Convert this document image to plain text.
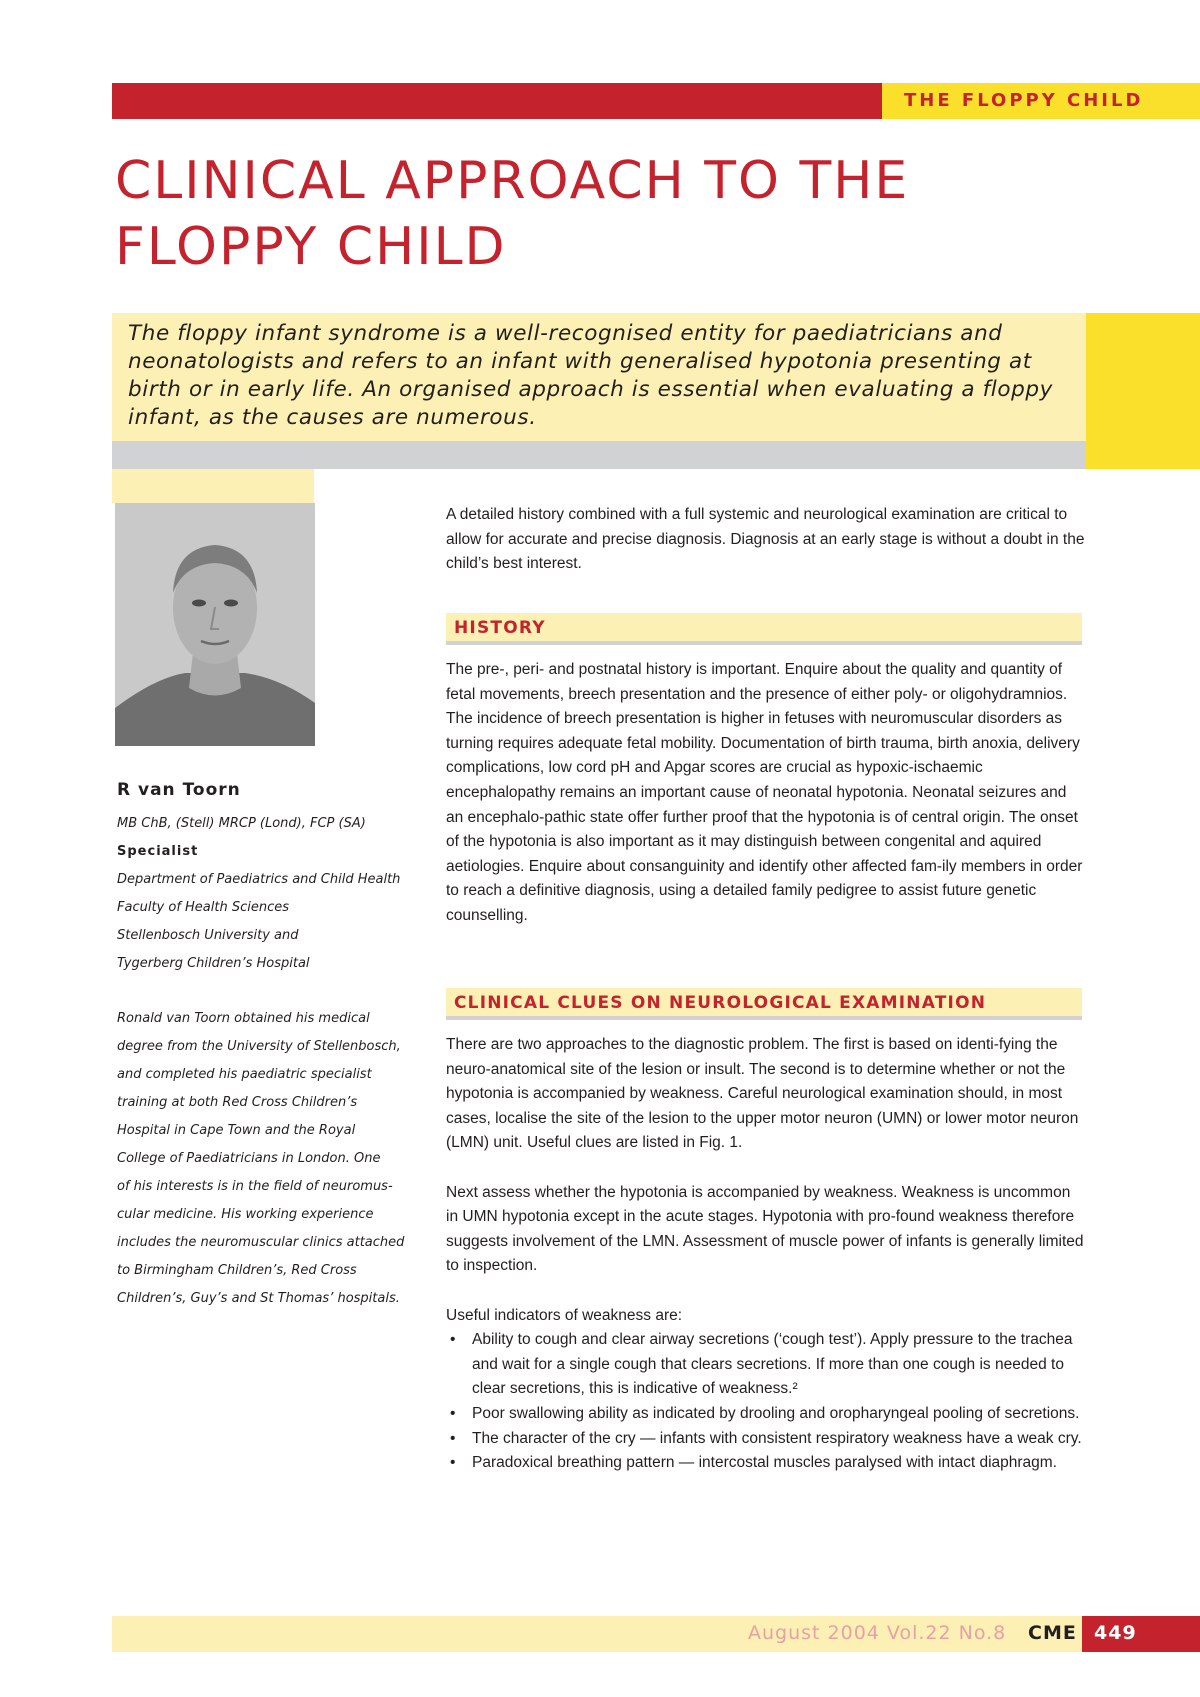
THE FLOPPY CHILD
CLINICAL APPROACH TO THE
FLOPPY CHILD

The floppy infant syndrome is a well-recognised entity for paediatricians and neonatologists and refers to an infant with generalised hypotonia presenting at birth or in early life. An organised approach is essential when evaluating a floppy infant, as the causes are numerous.

R van Toorn
MB ChB, (Stell) MRCP (Lond), FCP (SA)
Specialist
Department of Paediatrics and Child Health
Faculty of Health Sciences
Stellenbosch University and
Tygerberg Children’s Hospital
Ronald van Toorn obtained his medical
degree from the University of Stellenbosch,
and completed his paediatric specialist
training at both Red Cross Children’s
Hospital in Cape Town and the Royal
College of Paediatricians in London. One
of his interests is in the field of neuromus-
cular medicine. His working experience
includes the neuromuscular clinics attached
to Birmingham Children’s, Red Cross
Children’s, Guy’s and St Thomas’ hospitals.

A detailed history combined with a full systemic and neurological examination are critical to allow for accurate and precise diagnosis. Diagnosis at an early stage is without a doubt in the child’s best interest.

HISTORY

The pre-, peri- and postnatal history is important. Enquire about the quality and quantity of fetal movements, breech presentation and the presence of either poly- or oligohydramnios. The incidence of breech presentation is higher in fetuses with neuromuscular disorders as turning requires adequate fetal mobility. Documentation of birth trauma, birth anoxia, delivery complications, low cord pH and Apgar scores are crucial as hypoxic-ischaemic encephalopathy remains an important cause of neonatal hypotonia. Neonatal seizures and an encephalo-pathic state offer further proof that the hypotonia is of central origin. The onset of the hypotonia is also important as it may distinguish between congenital and aquired aetiologies. Enquire about consanguinity and identify other affected fam-ily members in order to reach a definitive diagnosis, using a detailed family pedigree to assist future genetic counselling.

CLINICAL CLUES ON NEUROLOGICAL EXAMINATION

There are two approaches to the diagnostic problem. The first is based on identi-fying the neuro-anatomical site of the lesion or insult. The second is to determine whether or not the hypotonia is accompanied by weakness. Careful neurological examination should, in most cases, localise the site of the lesion to the upper motor neuron (UMN) or lower motor neuron (LMN) unit. Useful clues are listed in Fig. 1.

Next assess whether the hypotonia is accompanied by weakness. Weakness is uncommon in UMN hypotonia except in the acute stages. Hypotonia with pro-found weakness therefore suggests involvement of the LMN. Assessment of muscle power of infants is generally limited to inspection.

Useful indicators of weakness are:

• Ability to cough and clear airway secretions (‘cough test’). Apply pressure to the trachea and wait for a single cough that clears secretions. If more than one cough is needed to clear secretions, this is indicative of weakness.²
• Poor swallowing ability as indicated by drooling and oropharyngeal pooling of secretions.
• The character of the cry — infants with consistent respiratory weakness have a weak cry.
• Paradoxical breathing pattern — intercostal muscles paralysed with intact diaphragm.
August 2004 Vol.22 No.8 CME 449
